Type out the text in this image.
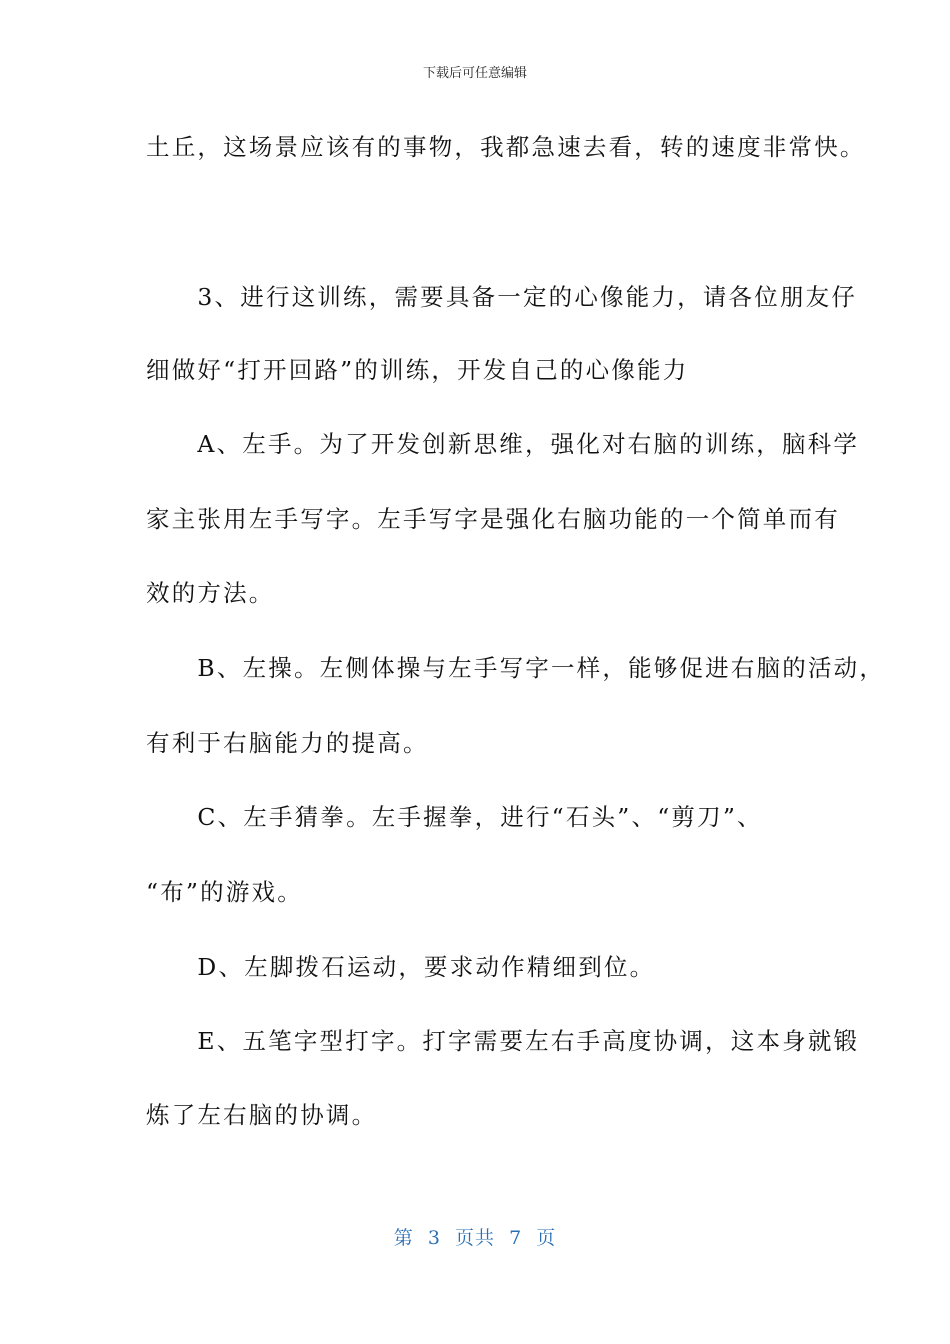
下载后可任意编辑
土丘，这场景应该有的事物，我都急速去看，转的速度非常快。
　　3、进行这训练，需要具备一定的心像能力，请各位朋友仔
细做好“打开回路”的训练，开发自己的心像能力
　　A、左手。为了开发创新思维，强化对右脑的训练，脑科学
家主张用左手写字。左手写字是强化右脑功能的一个简单而有
效的方法。
　　B、左操。左侧体操与左手写字一样，能够促进右脑的活动，
有利于右脑能力的提高。
　　C、左手猜拳。左手握拳，进行“石头”、“剪刀”、
“布”的游戏。
　　D、左脚拨石运动，要求动作精细到位。
　　E、五笔字型打字。打字需要左右手高度协调，这本身就锻
炼了左右脑的协调。
第  3  页共  7  页
